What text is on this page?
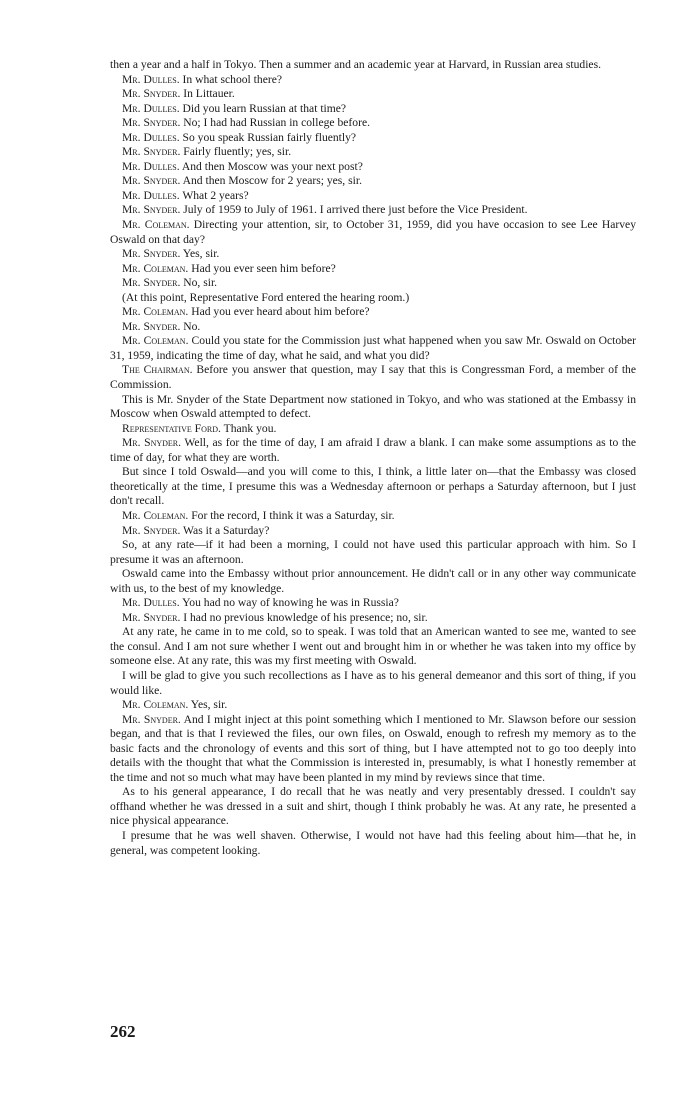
then a year and a half in Tokyo. Then a summer and an academic year at Harvard, in Russian area studies.

Mr. Dulles. In what school there?

Mr. Snyder. In Littauer.

Mr. Dulles. Did you learn Russian at that time?

Mr. Snyder. No; I had had Russian in college before.

Mr. Dulles. So you speak Russian fairly fluently?

Mr. Snyder. Fairly fluently; yes, sir.

Mr. Dulles. And then Moscow was your next post?

Mr. Snyder. And then Moscow for 2 years; yes, sir.

Mr. Dulles. What 2 years?

Mr. Snyder. July of 1959 to July of 1961. I arrived there just before the Vice President.

Mr. Coleman. Directing your attention, sir, to October 31, 1959, did you have occasion to see Lee Harvey Oswald on that day?

Mr. Snyder. Yes, sir.

Mr. Coleman. Had you ever seen him before?

Mr. Snyder. No, sir.

(At this point, Representative Ford entered the hearing room.)

Mr. Coleman. Had you ever heard about him before?

Mr. Snyder. No.

Mr. Coleman. Could you state for the Commission just what happened when you saw Mr. Oswald on October 31, 1959, indicating the time of day, what he said, and what you did?

The Chairman. Before you answer that question, may I say that this is Congressman Ford, a member of the Commission.

This is Mr. Snyder of the State Department now stationed in Tokyo, and who was stationed at the Embassy in Moscow when Oswald attempted to defect.

Representative Ford. Thank you.

Mr. Snyder. Well, as for the time of day, I am afraid I draw a blank. I can make some assumptions as to the time of day, for what they are worth.

But since I told Oswald—and you will come to this, I think, a little later on—that the Embassy was closed theoretically at the time, I presume this was a Wednesday afternoon or perhaps a Saturday afternoon, but I just don't recall.

Mr. Coleman. For the record, I think it was a Saturday, sir.

Mr. Snyder. Was it a Saturday?

So, at any rate—if it had been a morning, I could not have used this particular approach with him. So I presume it was an afternoon.

Oswald came into the Embassy without prior announcement. He didn't call or in any other way communicate with us, to the best of my knowledge.

Mr. Dulles. You had no way of knowing he was in Russia?

Mr. Snyder. I had no previous knowledge of his presence; no, sir.

At any rate, he came in to me cold, so to speak. I was told that an American wanted to see me, wanted to see the consul. And I am not sure whether I went out and brought him in or whether he was taken into my office by someone else. At any rate, this was my first meeting with Oswald.

I will be glad to give you such recollections as I have as to his general demeanor and this sort of thing, if you would like.

Mr. Coleman. Yes, sir.

Mr. Snyder. And I might inject at this point something which I mentioned to Mr. Slawson before our session began, and that is that I reviewed the files, our own files, on Oswald, enough to refresh my memory as to the basic facts and the chronology of events and this sort of thing, but I have attempted not to go too deeply into details with the thought that what the Commission is interested in, presumably, is what I honestly remember at the time and not so much what may have been planted in my mind by reviews since that time.

As to his general appearance, I do recall that he was neatly and very presentably dressed. I couldn't say offhand whether he was dressed in a suit and shirt, though I think probably he was. At any rate, he presented a nice physical appearance.

I presume that he was well shaven. Otherwise, I would not have had this feeling about him—that he, in general, was competent looking.

262
